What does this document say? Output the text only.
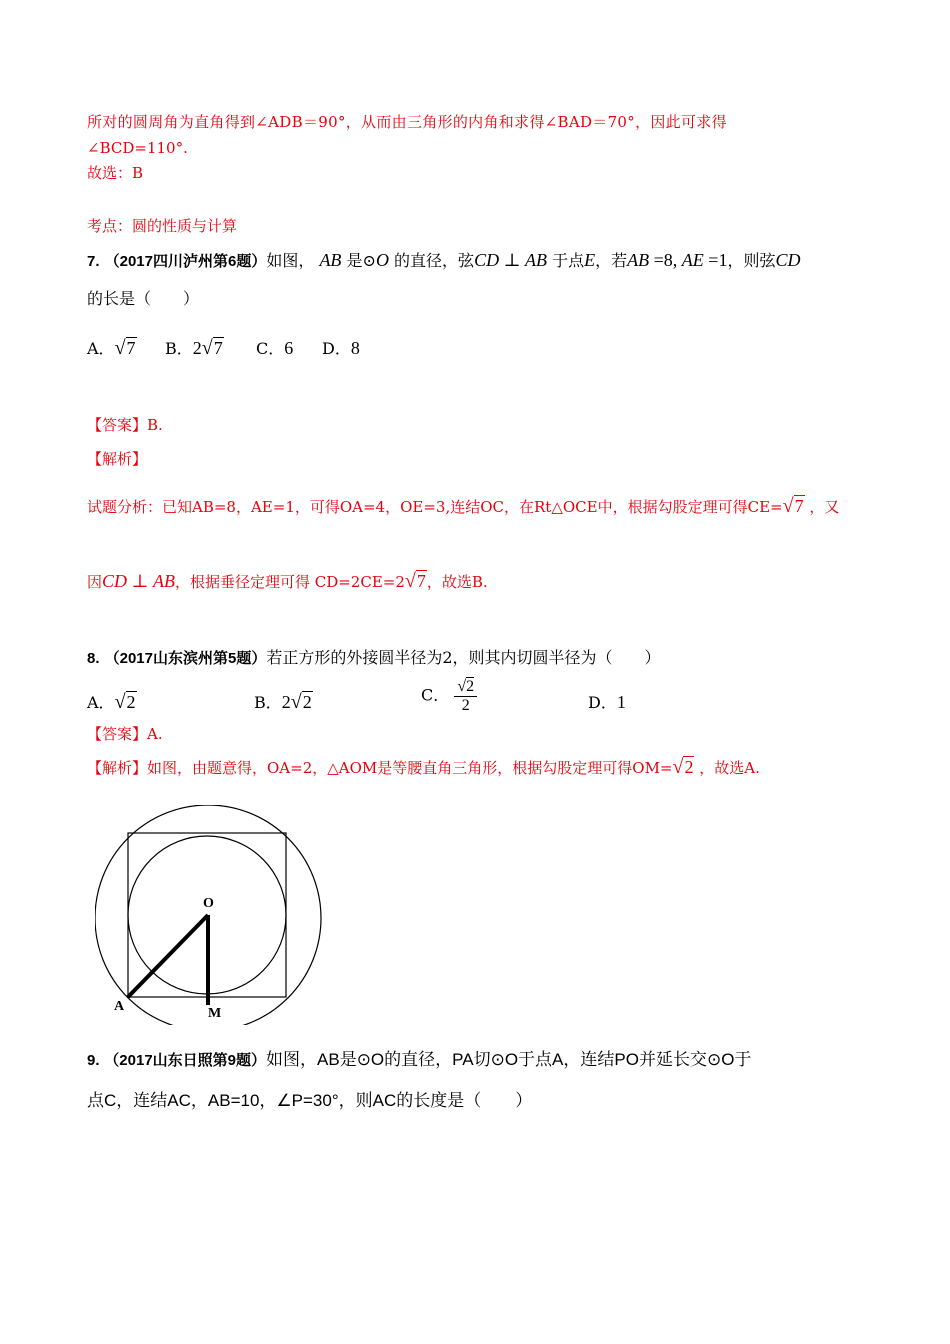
所对的圆周角为直角得到∠ADB＝90°，从而由三角形的内角和求得∠BAD＝70°，因此可求得
∠BCD=110°.
故选：B
考点：圆的性质与计算
7. （2017四川泸州第6题）如图， AB 是⊙O 的直径，弦CD ⊥ AB 于点E，若AB =8, AE =1，则弦CD
的长是（　　）
A．√7 B．2√7 C．6 D．8
【答案】B.
【解析】
试题分析：已知AB=8，AE=1，可得OA=4，OE=3,连结OC，在Rt△OCE中，根据勾股定理可得CE=√7 ，又
因CD ⊥ AB，根据垂径定理可得 CD=2CE=2√7，故选B.
8. （2017山东滨州第5题）若正方形的外接圆半径为2，则其内切圆半径为（　　）
A．√2	B．2√2	C． $\frac{√2}{2}$	D．1
【答案】A.
【解析】如图，由题意得，OA=2，△AOM是等腰直角三角形，根据勾股定理可得OM=√2 ，故选A.
O
A	M
9. （2017山东日照第9题）如图，AB是⊙O的直径，PA切⊙O于点A，连结PO并延长交⊙O于
点C，连结AC，AB=10，∠P=30°，则AC的长度是（　　）
